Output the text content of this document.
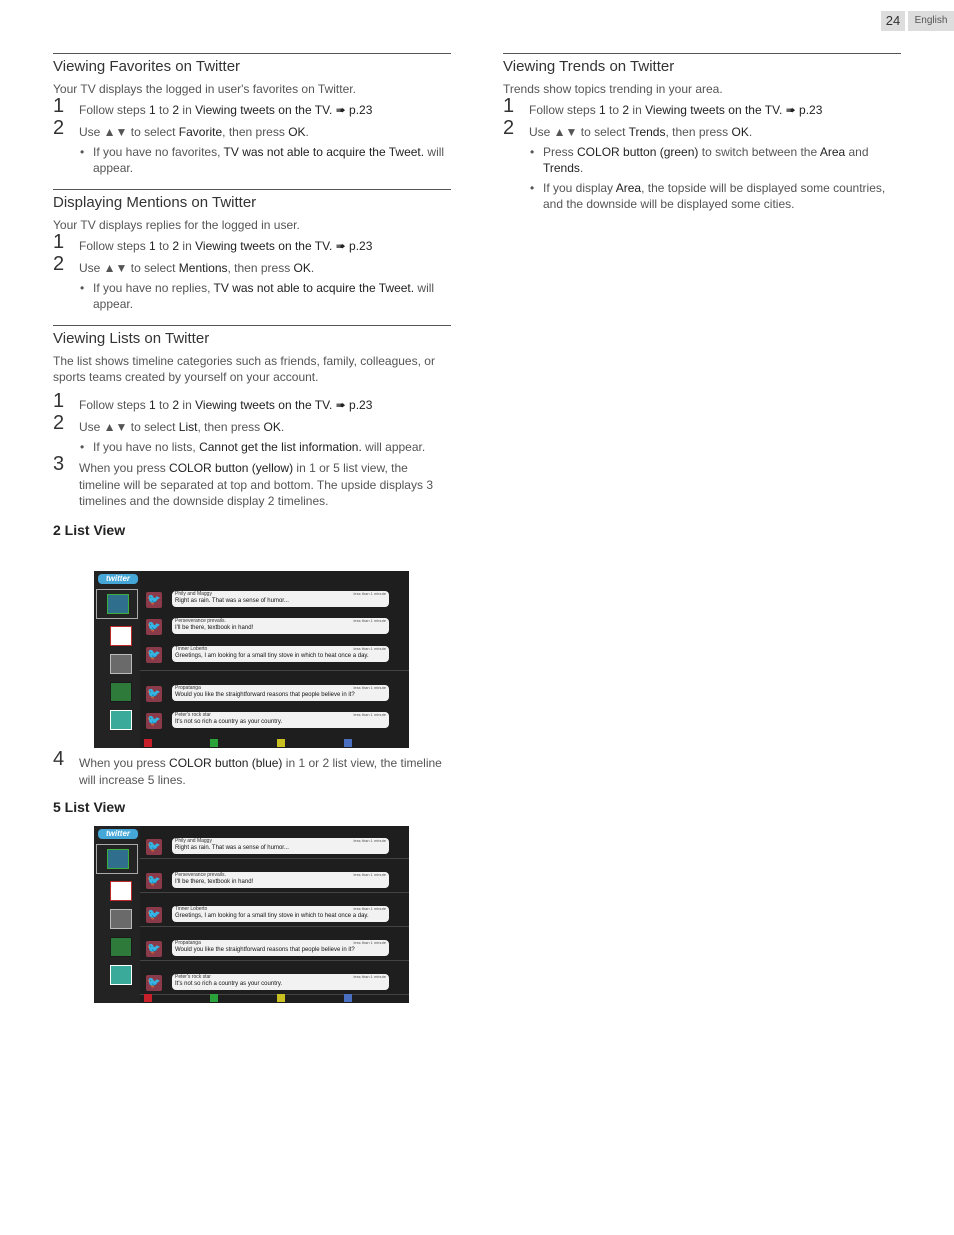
24	English
Viewing Favorites on Twitter
Your TV displays the logged in user's favorites on Twitter.
1 Follow steps 1 to 2 in Viewing tweets on the TV. ➠ p.23
2 Use ▲▼ to select Favorite, then press OK.
• If you have no favorites, TV was not able to acquire the Tweet. will appear.
Displaying Mentions on Twitter
Your TV displays replies for the logged in user.
1 Follow steps 1 to 2 in Viewing tweets on the TV. ➠ p.23
2 Use ▲▼ to select Mentions, then press OK.
• If you have no replies, TV was not able to acquire the Tweet. will appear.
Viewing Lists on Twitter
The list shows timeline categories such as friends, family, colleagues, or sports teams created by yourself on your account.
1 Follow steps 1 to 2 in Viewing tweets on the TV. ➠ p.23
2 Use ▲▼ to select List, then press OK.
• If you have no lists, Cannot get the list information. will appear.
3 When you press COLOR button (yellow) in 1 or 5 list view, the timeline will be separated at top and bottom. The upside displays 3 timelines and the downside display 2 timelines.
2 List View
twitter
🐦	Phily and Maggy	less than 1 minute
Right as rain. That was a sense of humor...
🐦	Perseverance prevails.	less than 1 minute
I'll be there, textbook in hand!
🐦	Tinner Loberto	less than 1 minute
Greetings, I am looking for a small tiny stove in which to heat once a day.
🐦	Propatanga	less than 1 minute
Would you like the straightforward reasons that people believe in it?
🐦	Peter's rock star	less than 1 minute
It's not so rich a country as your country.
4 When you press COLOR button (blue) in 1 or 2 list view, the timeline will increase 5 lines.
5 List View
twitter
🐦	Phily and Maggy	less than 1 minute
Right as rain. That was a sense of humor...
🐦	Perseverance prevails.	less than 1 minute
I'll be there, textbook in hand!
🐦	Tinner Loberto	less than 1 minute
Greetings, I am looking for a small tiny stove in which to heat once a day.
🐦	Propatanga	less than 1 minute
Would you like the straightforward reasons that people believe in it?
🐦	Peter's rock star	less than 1 minute
It's not so rich a country as your country.
Viewing Trends on Twitter
Trends show topics trending in your area.
1 Follow steps 1 to 2 in Viewing tweets on the TV. ➠ p.23
2 Use ▲▼ to select Trends, then press OK.
• Press COLOR button (green) to switch between the Area and Trends.
• If you display Area, the topside will be displayed some countries, and the downside will be displayed some cities.
